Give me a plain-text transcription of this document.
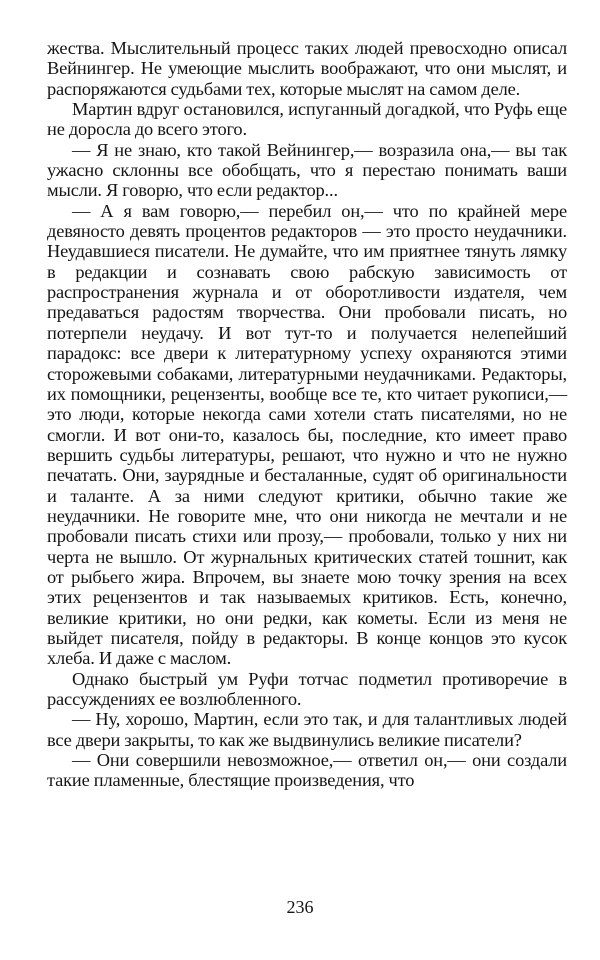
жества. Мыслительный процесс таких людей превосходно описал Вейнингер. Не умеющие мыслить воображают, что они мыслят, и распоряжаются судьбами тех, которые мыслят на самом деле.

Мартин вдруг остановился, испуганный догадкой, что Руфь еще не доросла до всего этого.

— Я не знаю, кто такой Вейнингер,— возразила она,— вы так ужасно склонны все обобщать, что я перестаю понимать ваши мысли. Я говорю, что если редактор...

— А я вам говорю,— перебил он,— что по крайней мере девяносто девять процентов редакторов — это просто неудачники. Неудавшиеся писатели. Не думайте, что им приятнее тянуть лямку в редакции и сознавать свою рабскую зависимость от распространения журнала и от оборотливости издателя, чем предаваться радостям творчества. Они пробовали писать, но потерпели неудачу. И вот тут-то и получается нелепейший парадокс: все двери к литературному успеху охраняются этими сторожевыми собаками, литературными неудачниками. Редакторы, их помощники, рецензенты, вообще все те, кто читает рукописи,— это люди, которые некогда сами хотели стать писателями, но не смогли. И вот они-то, казалось бы, последние, кто имеет право вершить судьбы литературы, решают, что нужно и что не нужно печатать. Они, заурядные и бесталанные, судят об оригинальности и таланте. А за ними следуют критики, обычно такие же неудачники. Не говорите мне, что они никогда не мечтали и не пробовали писать стихи или прозу,— пробовали, только у них ни черта не вышло. От журнальных критических статей тошнит, как от рыбьего жира. Впрочем, вы знаете мою точку зрения на всех этих рецензентов и так называемых критиков. Есть, конечно, великие критики, но они редки, как кометы. Если из меня не выйдет писателя, пойду в редакторы. В конце концов это кусок хлеба. И даже с маслом.

Однако быстрый ум Руфи тотчас подметил противоречие в рассуждениях ее возлюбленного.

— Ну, хорошо, Мартин, если это так, и для талантливых людей все двери закрыты, то как же выдвинулись великие писатели?

— Они совершили невозможное,— ответил он,— они создали такие пламенные, блестящие произведения, что

236
